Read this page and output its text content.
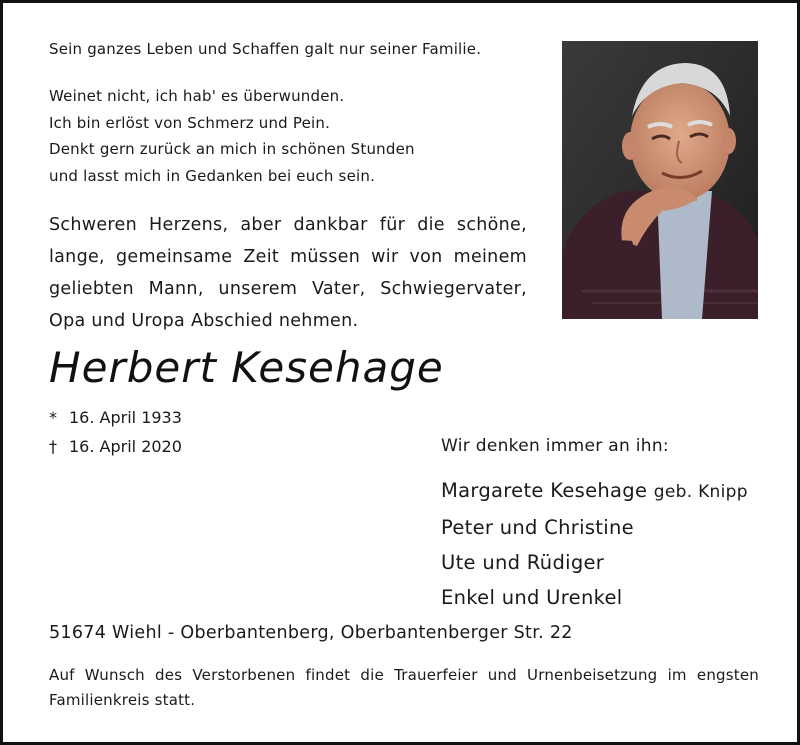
Sein ganzes Leben und Schaffen galt nur seiner Familie.
Weinet nicht, ich hab' es überwunden.
Ich bin erlöst von Schmerz und Pein.
Denkt gern zurück an mich in schönen Stunden
und lasst mich in Gedanken bei euch sein.
Schweren Herzens, aber dankbar für die schöne, lange, gemeinsame Zeit müssen wir von meinem geliebten Mann, unserem Vater, Schwiegervater, Opa und Uropa Abschied nehmen.
Herbert Kesehage
* 16. April 1933
† 16. April 2020	Wir denken immer an ihn:
Margarete Kesehage geb. Knipp
Peter und Christine
Ute und Rüdiger
Enkel und Urenkel
51674 Wiehl - Oberbantenberg, Oberbantenberger Str. 22
Auf Wunsch des Verstorbenen findet die Trauerfeier und Urnenbeisetzung im engsten Familienkreis statt.
